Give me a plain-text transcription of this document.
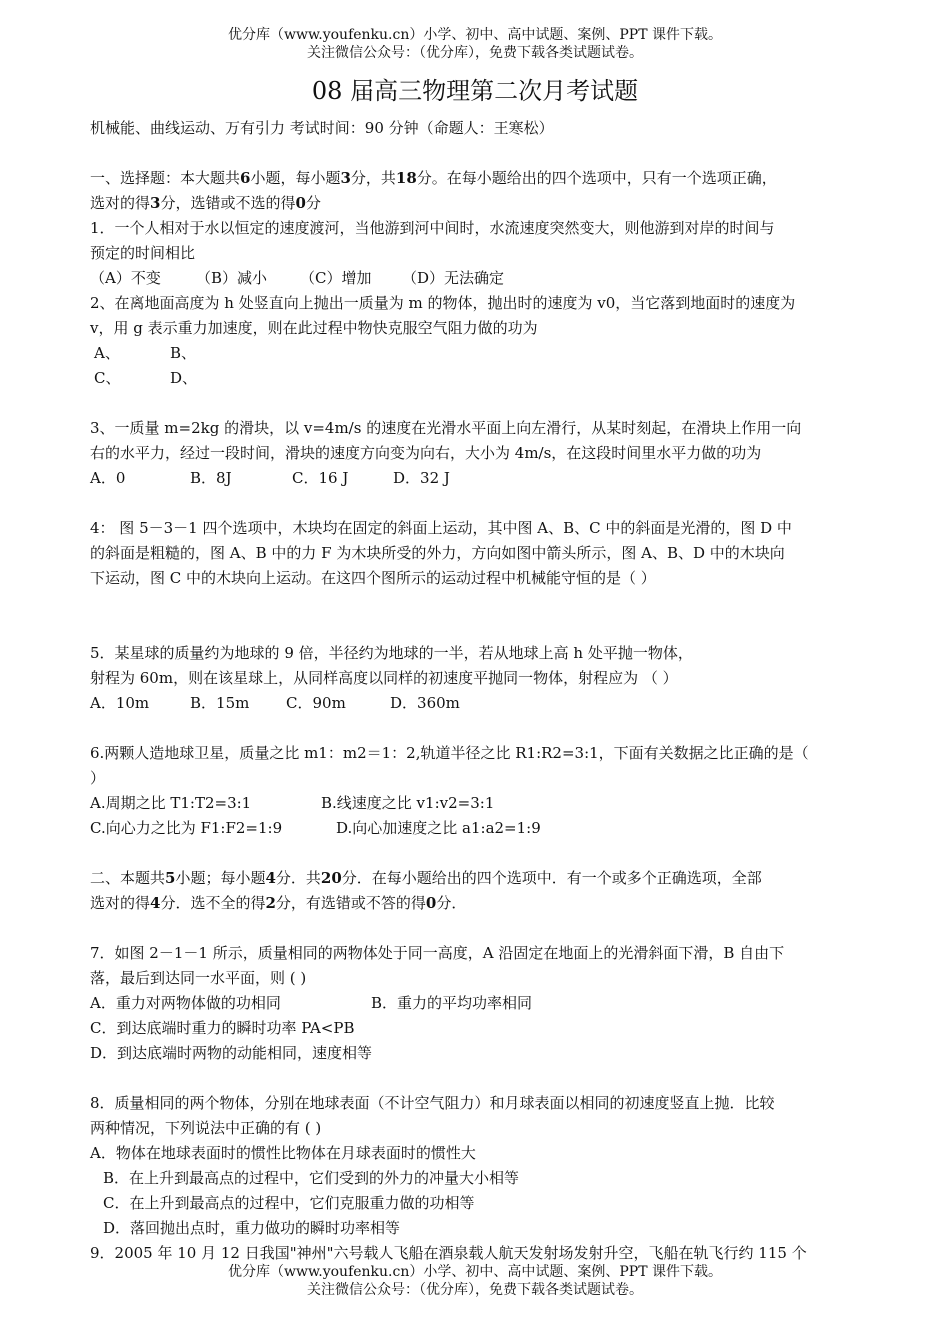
优分库（www.youfenku.cn）小学、初中、高中试题、案例、PPT 课件下载。
关注微信公众号：（优分库），免费下载各类试题试卷。
08 届高三物理第二次月考试题
机械能、曲线运动、万有引力 考试时间：90 分钟（命题人：王寒松）
一、选择题：本大题共6小题，每小题3分，共18分。在每小题给出的四个选项中，只有一个选项正确，
选对的得3分，选错或不选的得0分
1．一个人相对于水以恒定的速度渡河，当他游到河中间时，水流速度突然变大，则他游到对岸的时间与
预定的时间相比
（A）不变 （B）减小 （C）增加 （D）无法确定
2、在离地面高度为 h 处竖直向上抛出一质量为 m 的物体，抛出时的速度为 v0，当它落到地面时的速度为
v，用 g 表示重力加速度，则在此过程中物快克服空气阻力做的功为
A、	B、
C、	D、
3、一质量 m=2kg 的滑块，以 v=4m/s 的速度在光滑水平面上向左滑行，从某时刻起，在滑块上作用一向
右的水平力，经过一段时间，滑块的速度方向变为向右，大小为 4m/s，在这段时间里水平力做的功为
A．0	B．8J	C．16 J	D．32 J
4： 图 5－3－1 四个选项中，木块均在固定的斜面上运动，其中图 A、B、C 中的斜面是光滑的，图 D 中
的斜面是粗糙的，图 A、B 中的力 F 为木块所受的外力，方向如图中箭头所示，图 A、B、D 中的木块向
下运动，图 C 中的木块向上运动。在这四个图所示的运动过程中机械能守恒的是（ ）
5．某星球的质量约为地球的 9 倍，半径约为地球的一半，若从地球上高 h 处平抛一物体，
射程为 60m，则在该星球上，从同样高度以同样的初速度平抛同一物体，射程应为 （ ）
A．10m	B．15m C．90m	D．360m
6.两颗人造地球卫星，质量之比 m1：m2＝1：2,轨道半径之比 R1:R2=3:1，下面有关数据之比正确的是（
）
A.周期之比 T1:T2=3:1	B.线速度之比 v1:v2=3:1
C.向心力之比为 F1:F2=1:9	D.向心加速度之比 a1:a2=1:9
二、本题共5小题；每小题4分．共20分．在每小题给出的四个选项中．有一个或多个正确选项，全部
选对的得4分．选不全的得2分，有选错或不答的得0分．
7．如图 2－1－1 所示，质量相同的两物体处于同一高度，A 沿固定在地面上的光滑斜面下滑，B 自由下
落，最后到达同一水平面，则 ( )
A．重力对两物体做的功相同	B．重力的平均功率相同
C．到达底端时重力的瞬时功率 PA<PB
D．到达底端时两物的动能相同，速度相等
8．质量相同的两个物体，分别在地球表面（不计空气阻力）和月球表面以相同的初速度竖直上抛．比较
两种情况，下列说法中正确的有 ( )
A．物体在地球表面时的惯性比物体在月球表面时的惯性大
B．在上升到最高点的过程中，它们受到的外力的冲量大小相等
C．在上升到最高点的过程中，它们克服重力做的功相等
D．落回抛出点时，重力做功的瞬时功率相等
9．2005 年 10 月 12 日我国"神州"六号载人飞船在酒泉载人航天发射场发射升空，飞船在轨飞行约 115 个
优分库（www.youfenku.cn）小学、初中、高中试题、案例、PPT 课件下载。
关注微信公众号：（优分库），免费下载各类试题试卷。
